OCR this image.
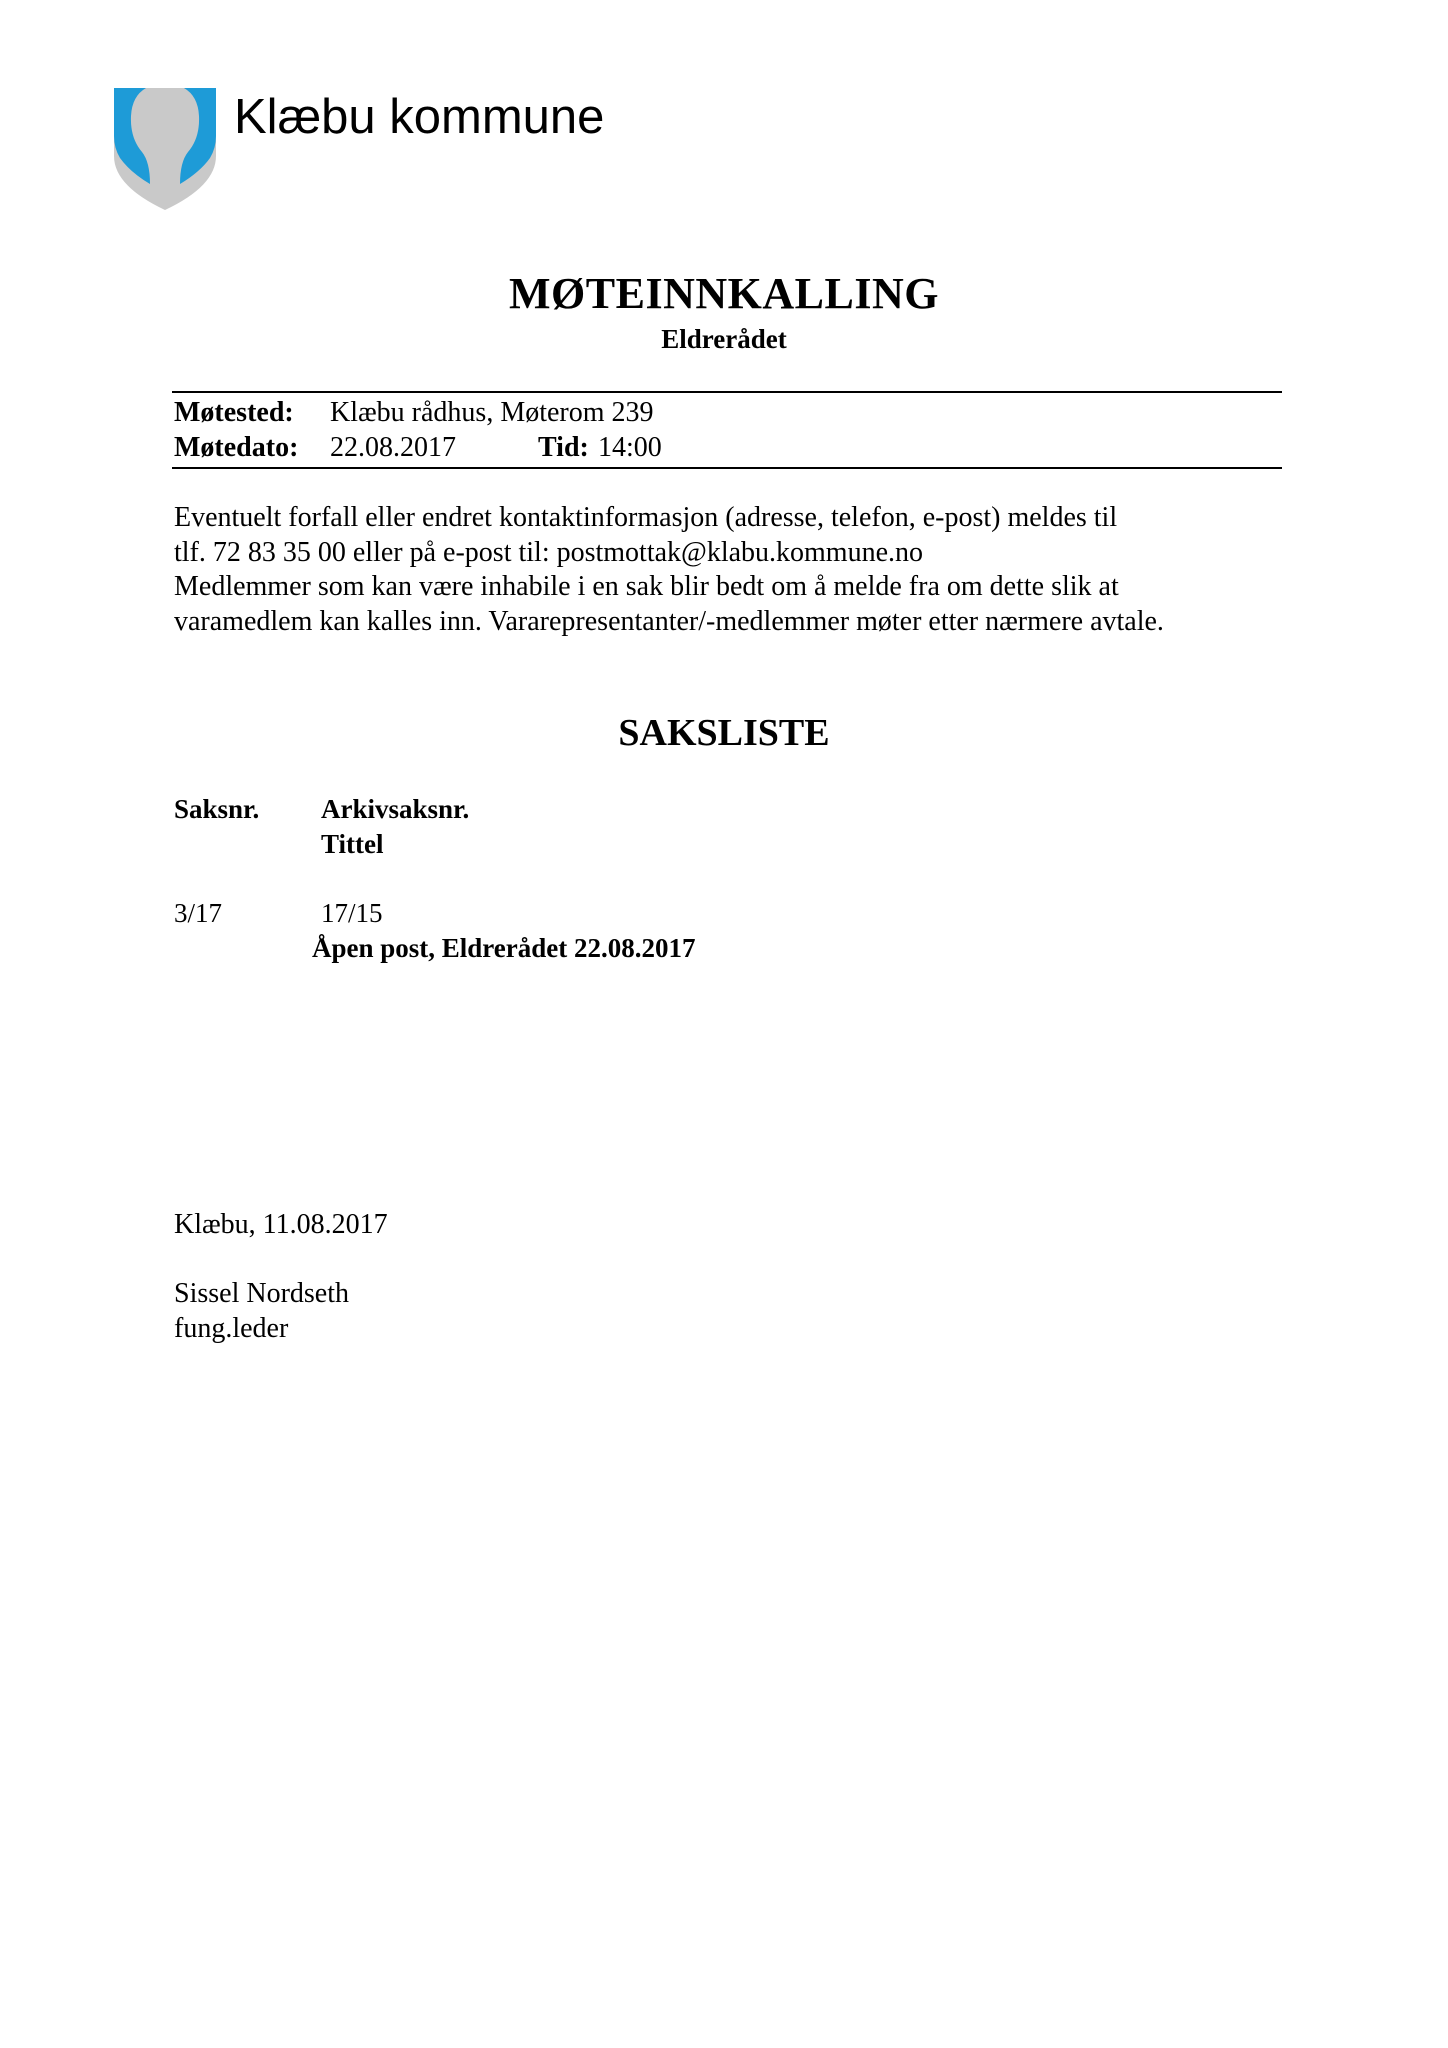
Klæbu kommune
MØTEINNKALLING
Eldrerådet
Møtested: Klæbu rådhus, Møterom 239
Møtedato: 22.08.2017	Tid: 14:00
Eventuelt forfall eller endret kontaktinformasjon (adresse, telefon, e-post) meldes til
tlf. 72 83 35 00 eller på e-post til: postmottak@klabu.kommune.no
Medlemmer som kan være inhabile i en sak blir bedt om å melde fra om dette slik at
varamedlem kan kalles inn. Vararepresentanter/-medlemmer møter etter nærmere avtale.
SAKSLISTE
Saksnr. Arkivsaksnr.
Tittel
3/17	17/15
Åpen post, Eldrerådet 22.08.2017
Klæbu, 11.08.2017
Sissel Nordseth
fung.leder
